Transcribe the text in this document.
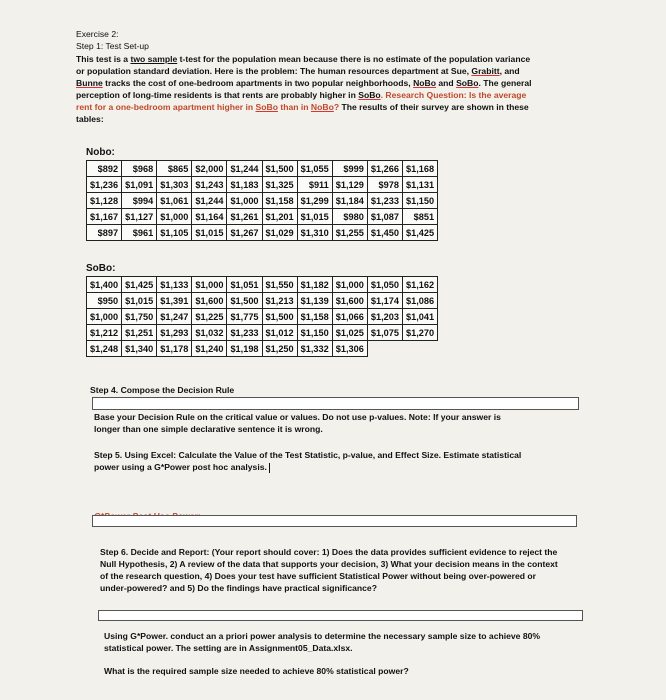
Exercise 2:
Step 1: Test Set-up
This test is a two sample t-test for the population mean because there is no estimate of the population variance
or population standard deviation. Here is the problem: The human resources department at Sue, Grabitt, and
Bunne tracks the cost of one-bedroom apartments in two popular neighborhoods, NoBo and SoBo. The general
perception of long-time residents is that rents are probably higher in SoBo. Research Question: Is the average
rent for a one-bedroom apartment higher in SoBo than in NoBo? The results of their survey are shown in these
tables:
Nobo:
$892	$968	$865	$2,000	$1,244	$1,500	$1,055	$999	$1,266	$1,168
$1,236	$1,091	$1,303	$1,243	$1,183	$1,325	$911	$1,129	$978	$1,131
$1,128	$994	$1,061	$1,244	$1,000	$1,158	$1,299	$1,184	$1,233	$1,150
$1,167	$1,127	$1,000	$1,164	$1,261	$1,201	$1,015	$980	$1,087	$851
$897	$961	$1,105	$1,015	$1,267	$1,029	$1,310	$1,255	$1,450	$1,425
SoBo:
$1,400	$1,425	$1,133	$1,000	$1,051	$1,550	$1,182	$1,000	$1,050	$1,162
$950	$1,015	$1,391	$1,600	$1,500	$1,213	$1,139	$1,600	$1,174	$1,086
$1,000	$1,750	$1,247	$1,225	$1,775	$1,500	$1,158	$1,066	$1,203	$1,041
$1,212	$1,251	$1,293	$1,032	$1,233	$1,012	$1,150	$1,025	$1,075	$1,270
$1,248	$1,340	$1,178	$1,240	$1,198	$1,250	$1,332	$1,306		
Step 4. Compose the Decision Rule
Base your Decision Rule on the critical value or values. Do not use p-values. Note: If your answer is
longer than one simple declarative sentence it is wrong.
Step 5. Using Excel: Calculate the Value of the Test Statistic, p-value, and Effect Size. Estimate statistical
power using a G*Power post hoc analysis.
Step 6. Decide and Report: (Your report should cover: 1) Does the data provides sufficient evidence to reject the
Null Hypothesis, 2) A review of the data that supports your decision, 3) What your decision means in the context
of the research question, 4) Does your test have sufficient Statistical Power without being over-powered or
under-powered? and 5) Do the findings have practical significance?
Using G*Power. conduct an a priori power analysis to determine the necessary sample size to achieve 80%
statistical power. The setting are in Assignment05_Data.xlsx.
What is the required sample size needed to achieve 80% statistical power?
